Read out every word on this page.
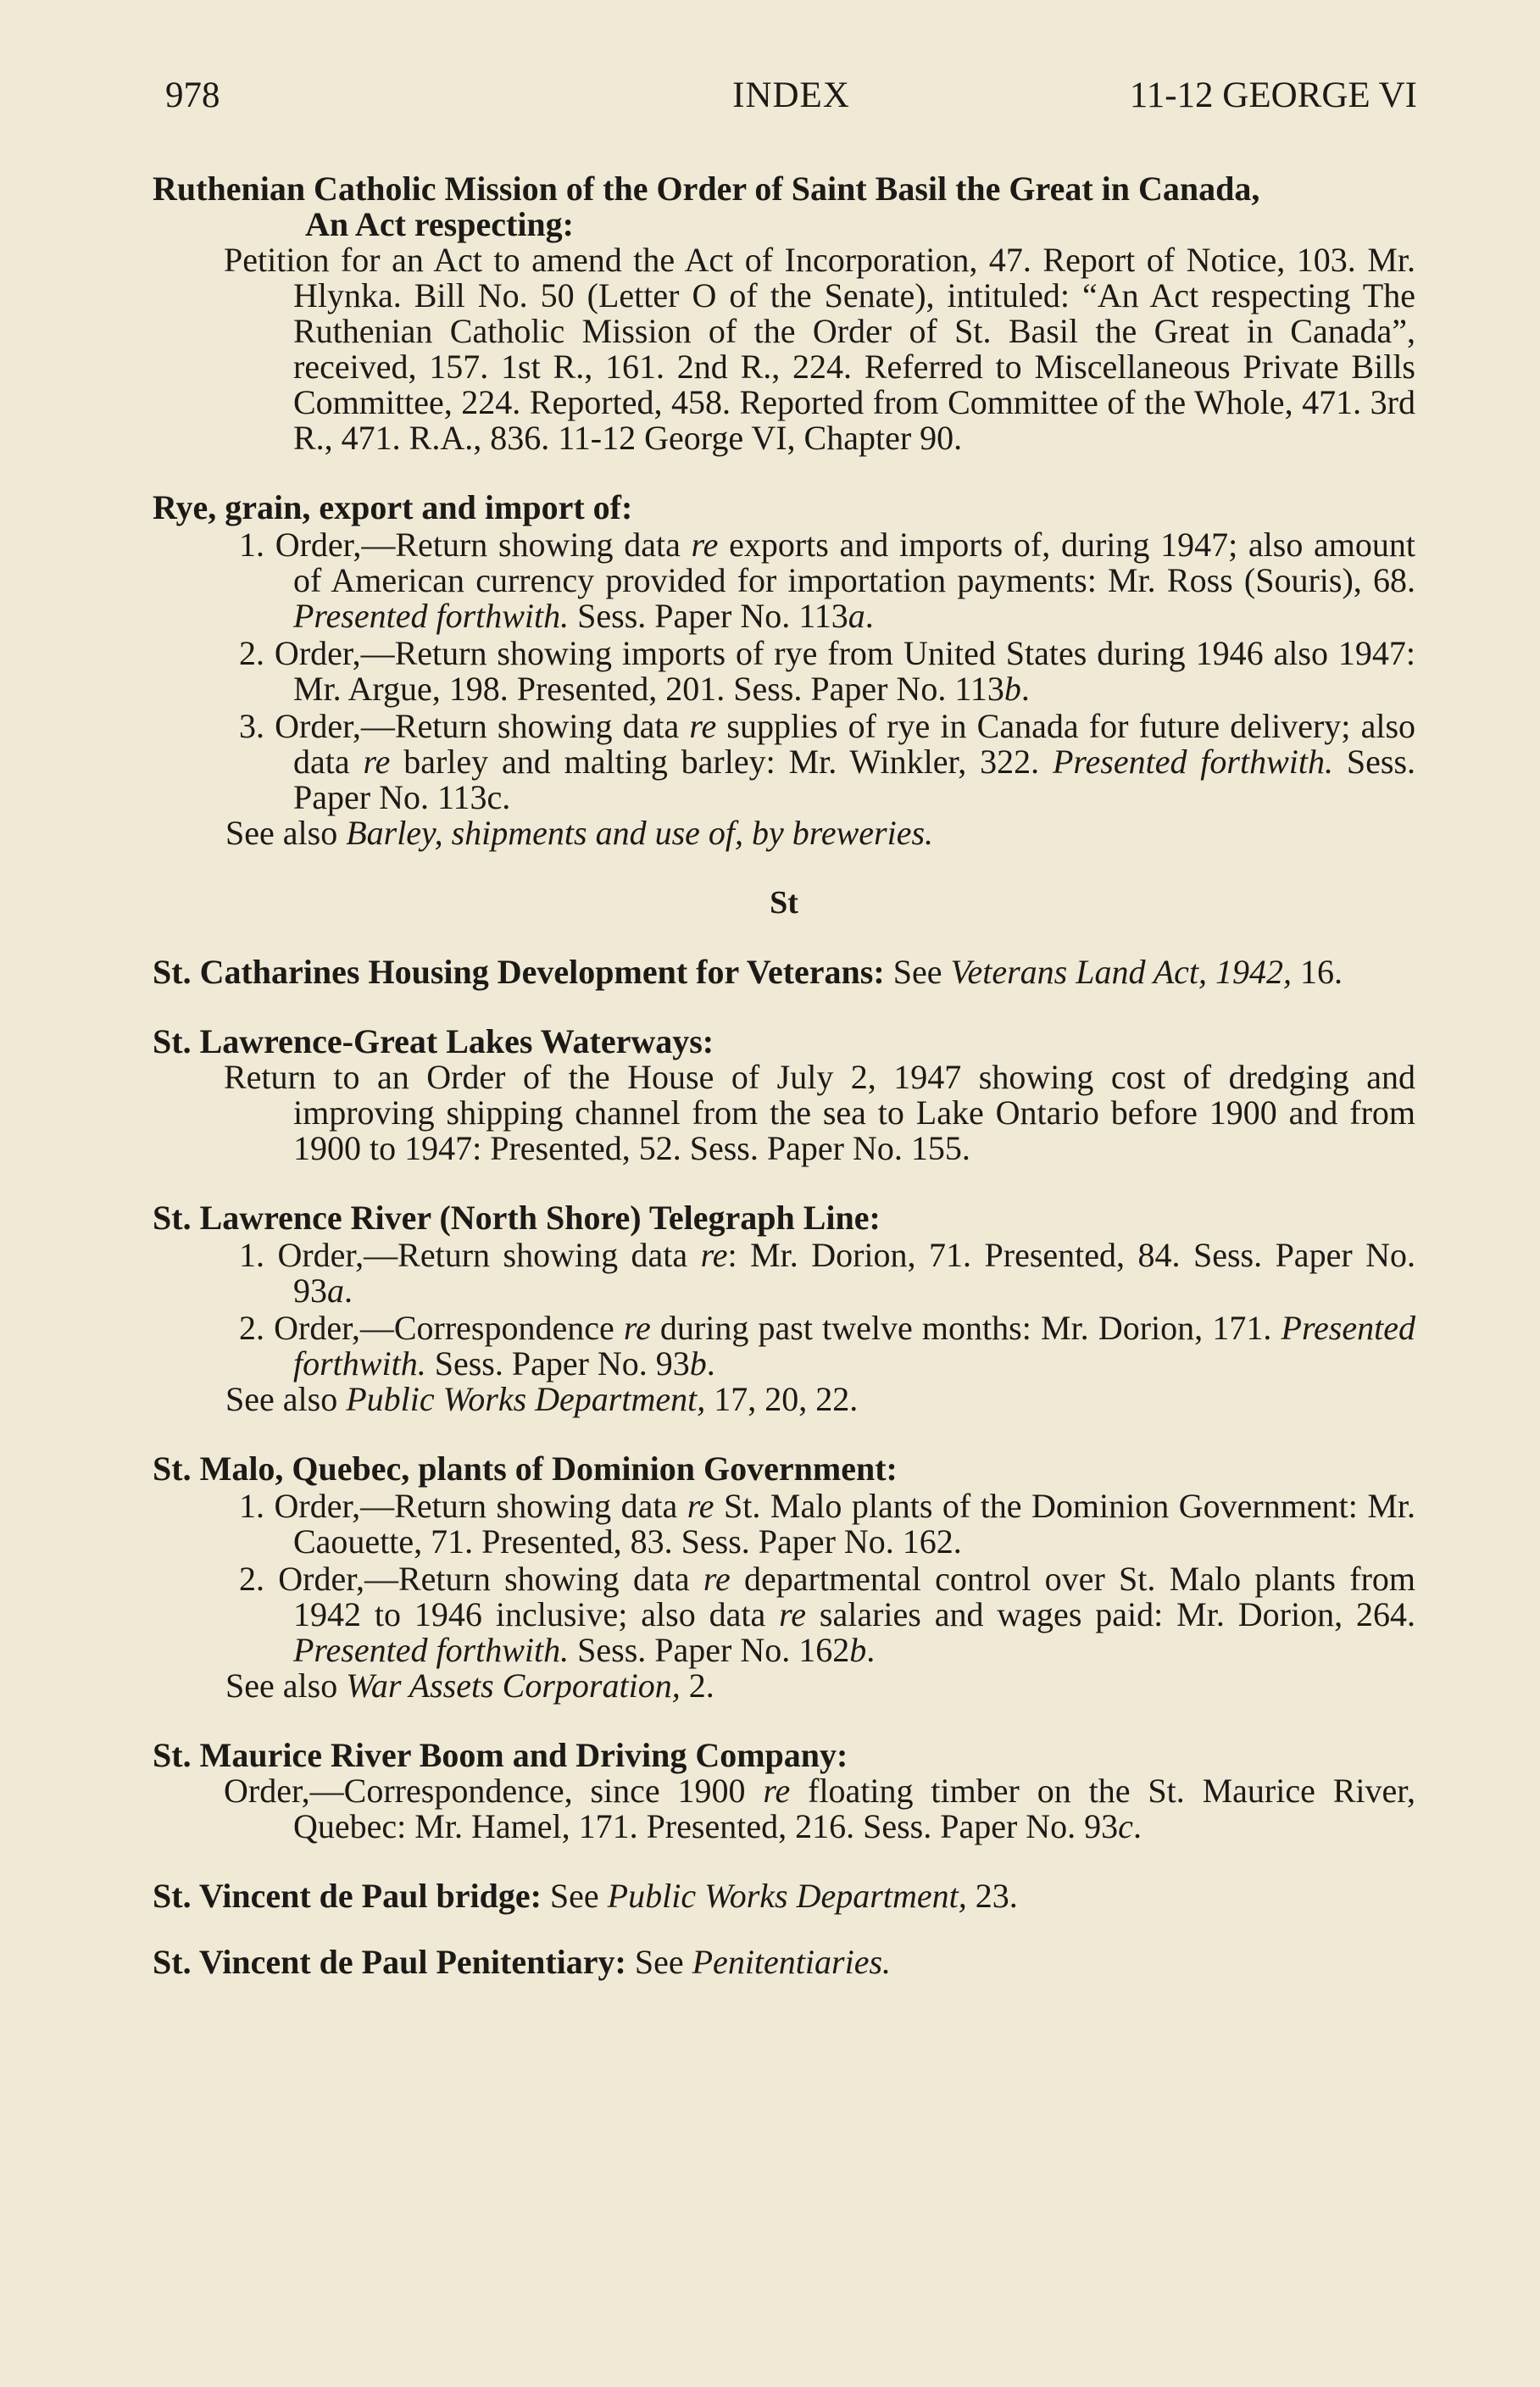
978	INDEX	11-12 GEORGE VI
Ruthenian Catholic Mission of the Order of Saint Basil the Great in Canada,
An Act respecting:
Petition for an Act to amend the Act of Incorporation, 47. Report of Notice, 103. Mr. Hlynka. Bill No. 50 (Letter O of the Senate), intituled: “An Act respecting The Ruthenian Catholic Mission of the Order of St. Basil the Great in Canada”, received, 157. 1st R., 161. 2nd R., 224. Referred to Miscellaneous Private Bills Committee, 224. Reported, 458. Reported from Committee of the Whole, 471. 3rd R., 471. R.A., 836. 11-12 George VI, Chapter 90.
Rye, grain, export and import of:
1. Order,—Return showing data re exports and imports of, during 1947; also amount of American currency provided for importation payments: Mr. Ross (Souris), 68. Presented forthwith. Sess. Paper No. 113a.
2. Order,—Return showing imports of rye from United States during 1946 also 1947: Mr. Argue, 198. Presented, 201. Sess. Paper No. 113b.
3. Order,—Return showing data re supplies of rye in Canada for future delivery; also data re barley and malting barley: Mr. Winkler, 322. Presented forthwith. Sess. Paper No. 113c.
See also Barley, shipments and use of, by breweries.
St
St. Catharines Housing Development for Veterans: See Veterans Land Act, 1942, 16.
St. Lawrence-Great Lakes Waterways:
Return to an Order of the House of July 2, 1947 showing cost of dredging and improving shipping channel from the sea to Lake Ontario before 1900 and from 1900 to 1947: Presented, 52. Sess. Paper No. 155.
St. Lawrence River (North Shore) Telegraph Line:
1. Order,—Return showing data re: Mr. Dorion, 71. Presented, 84. Sess. Paper No. 93a.
2. Order,—Correspondence re during past twelve months: Mr. Dorion, 171. Presented forthwith. Sess. Paper No. 93b.
See also Public Works Department, 17, 20, 22.
St. Malo, Quebec, plants of Dominion Government:
1. Order,—Return showing data re St. Malo plants of the Dominion Government: Mr. Caouette, 71. Presented, 83. Sess. Paper No. 162.
2. Order,—Return showing data re departmental control over St. Malo plants from 1942 to 1946 inclusive; also data re salaries and wages paid: Mr. Dorion, 264. Presented forthwith. Sess. Paper No. 162b.
See also War Assets Corporation, 2.
St. Maurice River Boom and Driving Company:
Order,—Correspondence, since 1900 re floating timber on the St. Maurice River, Quebec: Mr. Hamel, 171. Presented, 216. Sess. Paper No. 93c.
St. Vincent de Paul bridge: See Public Works Department, 23.
St. Vincent de Paul Penitentiary: See Penitentiaries.
